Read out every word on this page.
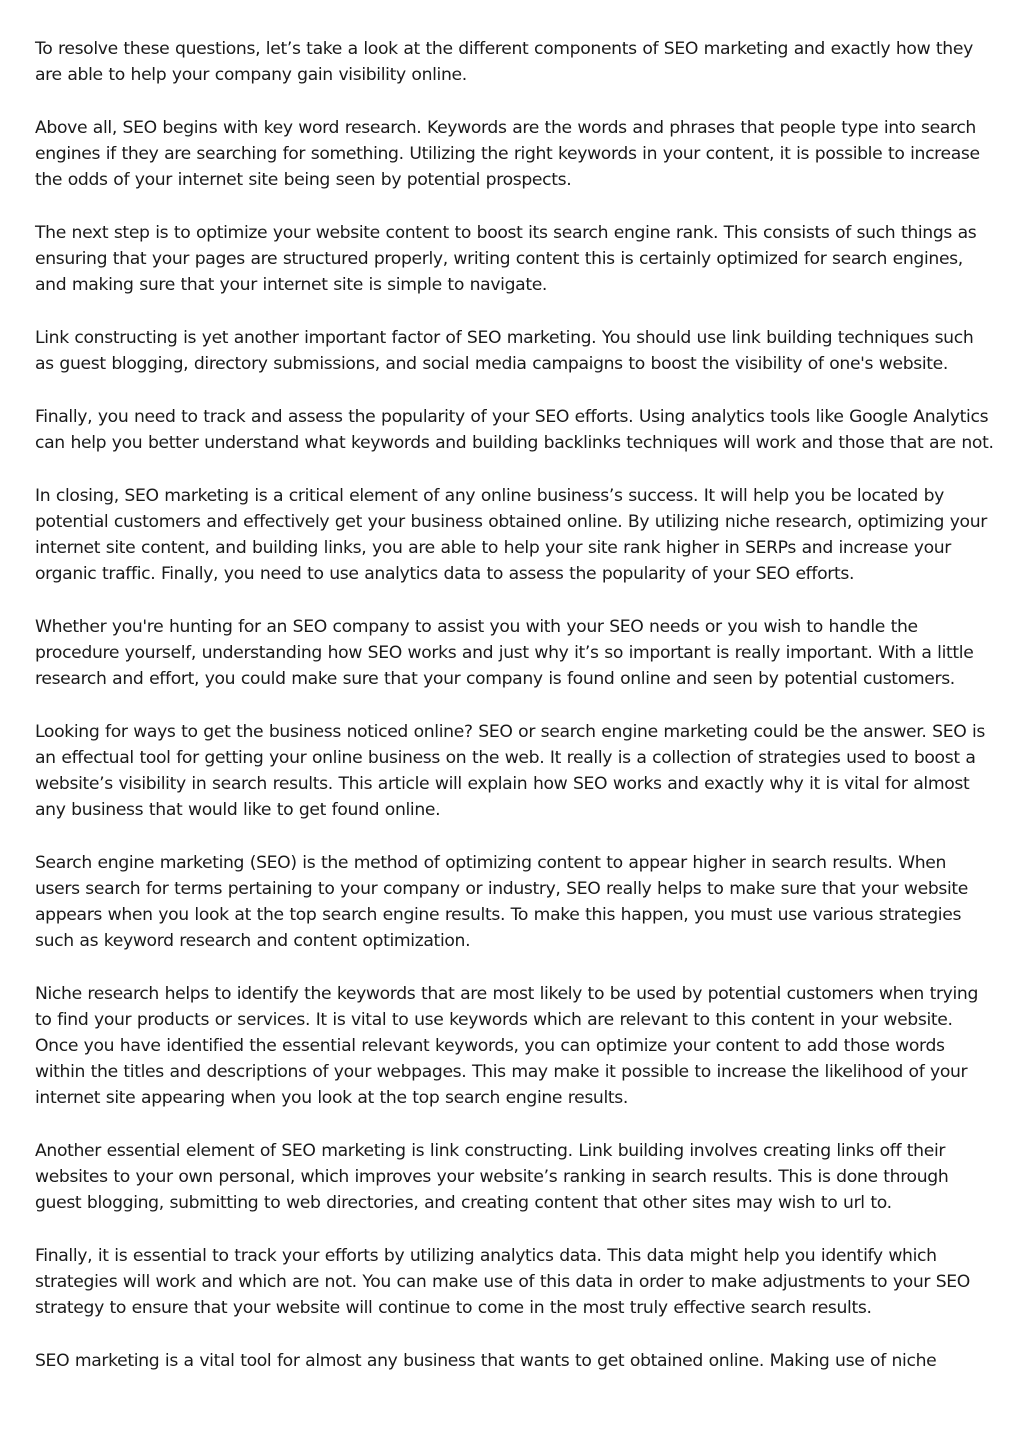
To resolve these questions, let’s take a look at the different components of SEO marketing and exactly how they are able to help your company gain visibility online.

Above all, SEO begins with key word research. Keywords are the words and phrases that people type into search engines if they are searching for something. Utilizing the right keywords in your content, it is possible to increase the odds of your internet site being seen by potential prospects.

The next step is to optimize your website content to boost its search engine rank. This consists of such things as ensuring that your pages are structured properly, writing content this is certainly optimized for search engines, and making sure that your internet site is simple to navigate.

Link constructing is yet another important factor of SEO marketing. You should use link building techniques such as guest blogging, directory submissions, and social media campaigns to boost the visibility of one's website.

Finally, you need to track and assess the popularity of your SEO efforts. Using analytics tools like Google Analytics can help you better understand what keywords and building backlinks techniques will work and those that are not.

In closing, SEO marketing is a critical element of any online business’s success. It will help you be located by potential customers and effectively get your business obtained online. By utilizing niche research, optimizing your internet site content, and building links, you are able to help your site rank higher in SERPs and increase your organic traffic. Finally, you need to use analytics data to assess the popularity of your SEO efforts.

Whether you're hunting for an SEO company to assist you with your SEO needs or you wish to handle the procedure yourself, understanding how SEO works and just why it’s so important is really important. With a little research and effort, you could make sure that your company is found online and seen by potential customers.

Looking for ways to get the business noticed online? SEO or search engine marketing could be the answer. SEO is an effectual tool for getting your online business on the web. It really is a collection of strategies used to boost a website’s visibility in search results. This article will explain how SEO works and exactly why it is vital for almost any business that would like to get found online.

Search engine marketing (SEO) is the method of optimizing content to appear higher in search results. When users search for terms pertaining to your company or industry, SEO really helps to make sure that your website appears when you look at the top search engine results. To make this happen, you must use various strategies such as keyword research and content optimization.

Niche research helps to identify the keywords that are most likely to be used by potential customers when trying to find your products or services. It is vital to use keywords which are relevant to this content in your website. Once you have identified the essential relevant keywords, you can optimize your content to add those words within the titles and descriptions of your webpages. This may make it possible to increase the likelihood of your internet site appearing when you look at the top search engine results.

Another essential element of SEO marketing is link constructing. Link building involves creating links off their websites to your own personal, which improves your website’s ranking in search results. This is done through guest blogging, submitting to web directories, and creating content that other sites may wish to url to.

Finally, it is essential to track your efforts by utilizing analytics data. This data might help you identify which strategies will work and which are not. You can make use of this data in order to make adjustments to your SEO strategy to ensure that your website will continue to come in the most truly effective search results.

SEO marketing is a vital tool for almost any business that wants to get obtained online. Making use of niche
